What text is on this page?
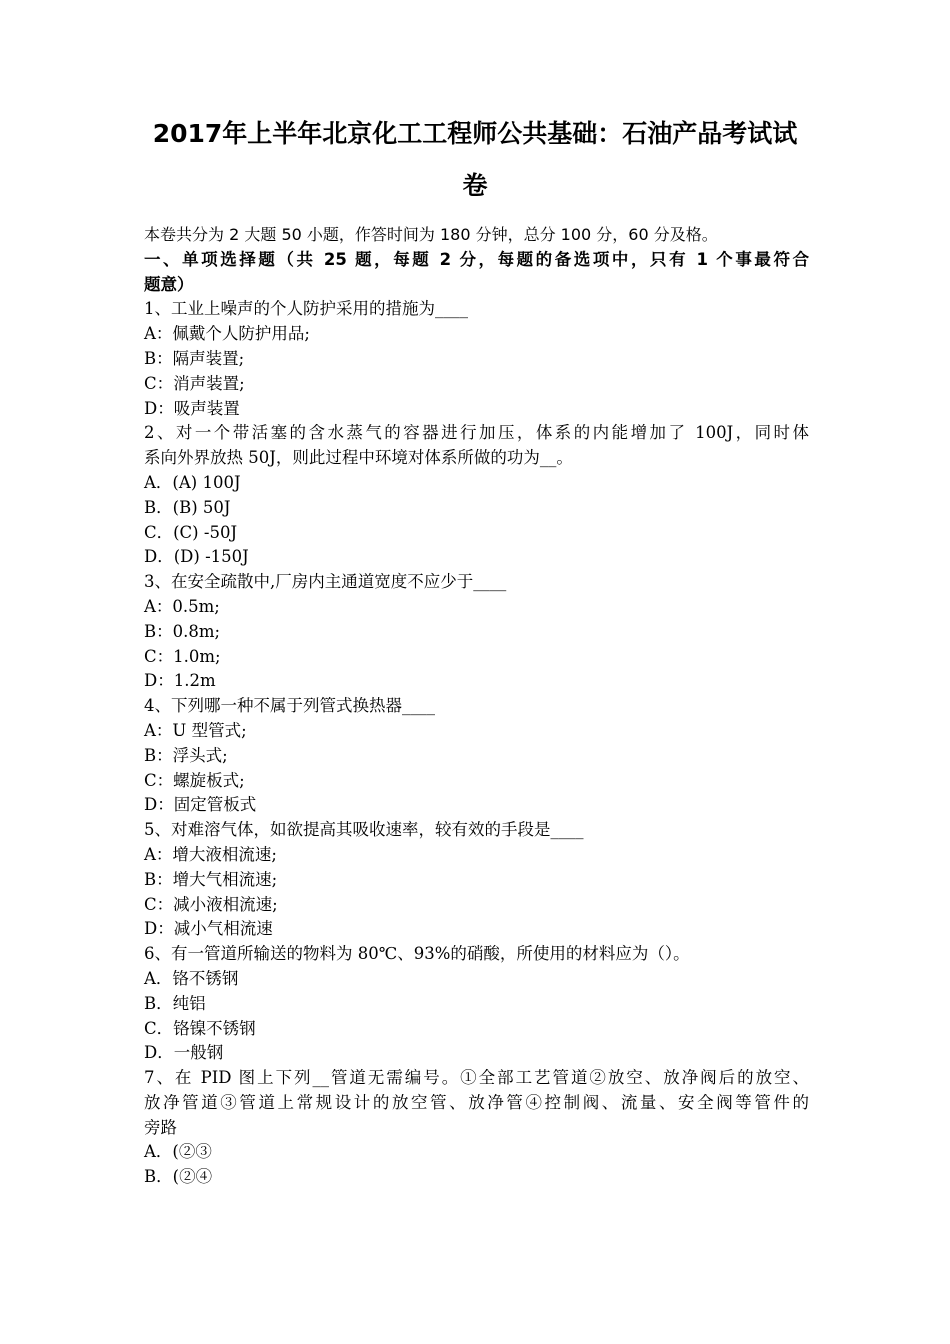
2017年上半年北京化工工程师公共基础：石油产品考试试
卷
本卷共分为 2 大题 50 小题，作答时间为 180 分钟，总分 100 分，60 分及格。
一、单项选择题（共 25 题，每题 2 分，每题的备选项中，只有 1 个事最符合
题意）
1、工业上噪声的个人防护采用的措施为____
A：佩戴个人防护用品;
B：隔声装置;
C：消声装置;
D：吸声装置
2、对一个带活塞的含水蒸气的容器进行加压，体系的内能增加了 100J，同时体
系向外界放热 50J，则此过程中环境对体系所做的功为__。
A．(A) 100J
B．(B) 50J
C．(C) -50J
D．(D) -150J
3、在安全疏散中,厂房内主通道宽度不应少于____
A：0.5m;
B：0.8m;
C：1.0m;
D：1.2m
4、下列哪一种不属于列管式换热器____
A：U 型管式;
B：浮头式;
C：螺旋板式;
D：固定管板式
5、对难溶气体，如欲提高其吸收速率，较有效的手段是____
A：增大液相流速;
B：增大气相流速;
C：减小液相流速;
D：减小气相流速
6、有一管道所输送的物料为 80℃、93%的硝酸，所使用的材料应为（）。
A．铬不锈钢
B．纯铝
C．铬镍不锈钢
D．一般钢
7、在 PID 图上下列__管道无需编号。①全部工艺管道②放空、放净阀后的放空、
放净管道③管道上常规设计的放空管、放净管④控制阀、流量、安全阀等管件的
旁路
A．(②③
B．(②④
